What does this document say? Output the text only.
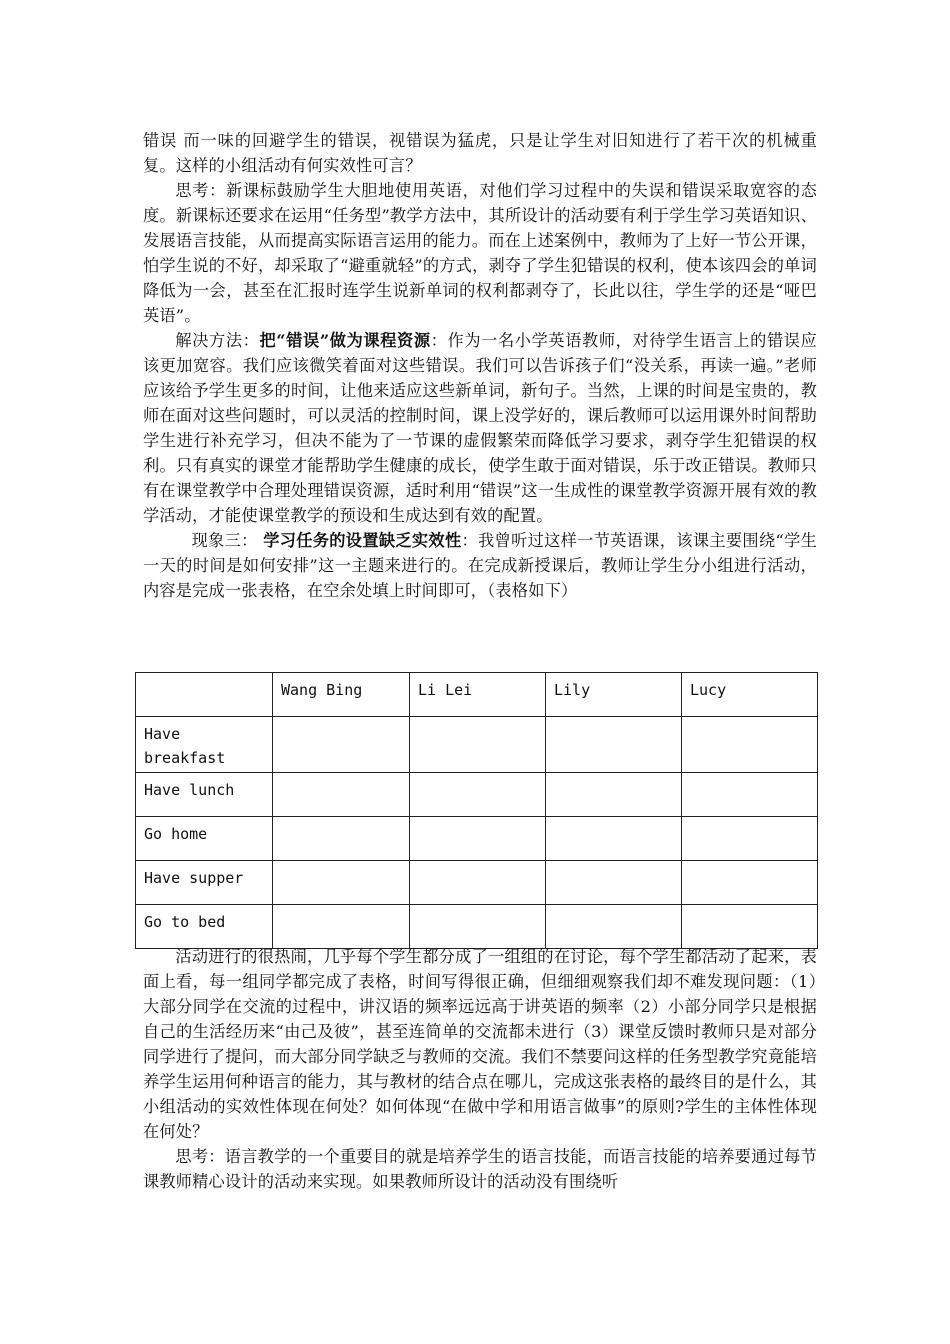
错误 而一味的回避学生的错误，视错误为猛虎，只是让学生对旧知进行了若干次的机械重复。这样的小组活动有何实效性可言？

思考：新课标鼓励学生大胆地使用英语，对他们学习过程中的失误和错误采取宽容的态度。新课标还要求在运用“任务型”教学方法中，其所设计的活动要有利于学生学习英语知识、发展语言技能，从而提高实际语言运用的能力。而在上述案例中，教师为了上好一节公开课，怕学生说的不好，却采取了“避重就轻”的方式，剥夺了学生犯错误的权利，使本该四会的单词降低为一会，甚至在汇报时连学生说新单词的权利都剥夺了，长此以往，学生学的还是“哑巴英语”。

解决方法：把“错误”做为课程资源：作为一名小学英语教师，对待学生语言上的错误应该更加宽容。我们应该微笑着面对这些错误。我们可以告诉孩子们“没关系，再读一遍。”老师应该给予学生更多的时间，让他来适应这些新单词，新句子。当然，上课的时间是宝贵的，教师在面对这些问题时，可以灵活的控制时间，课上没学好的，课后教师可以运用课外时间帮助学生进行补充学习，但决不能为了一节课的虚假繁荣而降低学习要求，剥夺学生犯错误的权利。只有真实的课堂才能帮助学生健康的成长，使学生敢于面对错误，乐于改正错误。教师只有在课堂教学中合理处理错误资源，适时利用“错误”这一生成性的课堂教学资源开展有效的教学活动，才能使课堂教学的预设和生成达到有效的配置。

现象三： 学习任务的设置缺乏实效性：我曾听过这样一节英语课，该课主要围绕“学生一天的时间是如何安排”这一主题来进行的。在完成新授课后，教师让学生分小组进行活动，内容是完成一张表格，在空余处填上时间即可，（表格如下）

	Wang Bing	Li Lei	Lily	Lucy
Have breakfast				
Have lunch				
Go home				
Have supper				
Go to bed				

活动进行的很热闹，几乎每个学生都分成了一组组的在讨论，每个学生都活动了起来，表面上看，每一组同学都完成了表格，时间写得很正确，但细细观察我们却不难发现问题：（1）大部分同学在交流的过程中，讲汉语的频率远远高于讲英语的频率（2）小部分同学只是根据自己的生活经历来“由己及彼”，甚至连简单的交流都未进行（3）课堂反馈时教师只是对部分同学进行了提问，而大部分同学缺乏与教师的交流。我们不禁要问这样的任务型教学究竟能培养学生运用何种语言的能力，其与教材的结合点在哪儿，完成这张表格的最终目的是什么，其小组活动的实效性体现在何处？如何体现“在做中学和用语言做事”的原则?学生的主体性体现在何处？

思考：语言教学的一个重要目的就是培养学生的语言技能，而语言技能的培养要通过每节课教师精心设计的活动来实现。如果教师所设计的活动没有围绕听
